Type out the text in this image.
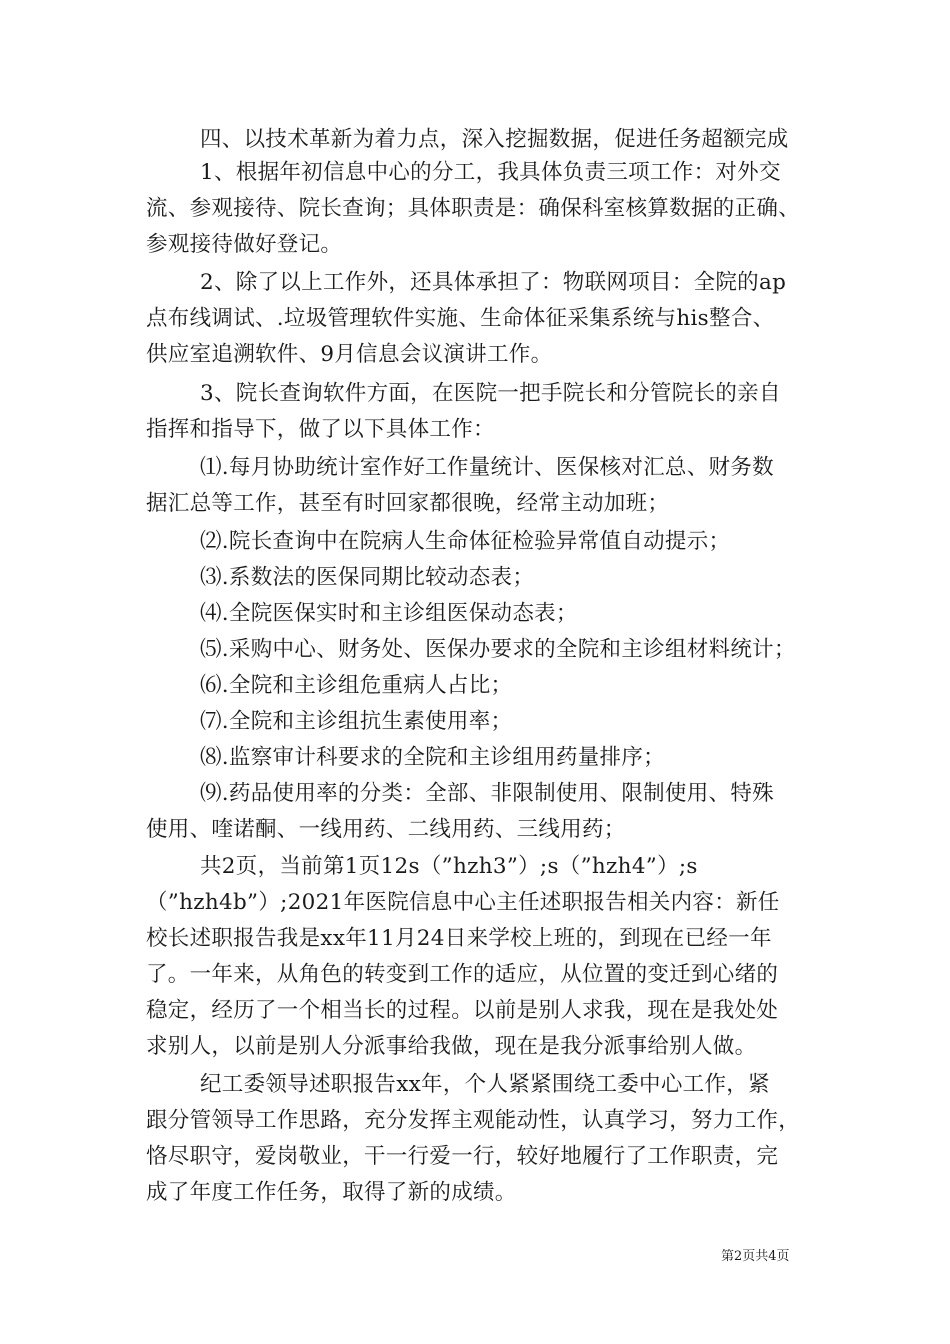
四、以技术革新为着力点，深入挖掘数据，促进任务超额完成
1、根据年初信息中心的分工，我具体负责三项工作：对外交
流、参观接待、院长查询；具体职责是：确保科室核算数据的正确、
参观接待做好登记。
2、除了以上工作外，还具体承担了：物联网项目：全院的ap
点布线调试、.垃圾管理软件实施、生命体征采集系统与his整合、
供应室追溯软件、9月信息会议演讲工作。
3、院长查询软件方面，在医院一把手院长和分管院长的亲自
指挥和指导下，做了以下具体工作：
⑴.每月协助统计室作好工作量统计、医保核对汇总、财务数
据汇总等工作，甚至有时回家都很晚，经常主动加班；
⑵.院长查询中在院病人生命体征检验异常值自动提示；
⑶.系数法的医保同期比较动态表；
⑷.全院医保实时和主诊组医保动态表；
⑸.采购中心、财务处、医保办要求的全院和主诊组材料统计；
⑹.全院和主诊组危重病人占比；
⑺.全院和主诊组抗生素使用率；
⑻.监察审计科要求的全院和主诊组用药量排序；
⑼.药品使用率的分类：全部、非限制使用、限制使用、特殊
使用、喹诺酮、一线用药、二线用药、三线用药；
共2页，当前第1页12s（”hzh3”）;s（”hzh4”）;s
（”hzh4b”）;2021年医院信息中心主任述职报告相关内容：新任
校长述职报告我是xx年11月24日来学校上班的，到现在已经一年
了。一年来，从角色的转变到工作的适应，从位置的变迁到心绪的
稳定，经历了一个相当长的过程。以前是别人求我，现在是我处处
求别人，以前是别人分派事给我做，现在是我分派事给别人做。
纪工委领导述职报告xx年，个人紧紧围绕工委中心工作，紧
跟分管领导工作思路，充分发挥主观能动性，认真学习，努力工作，
恪尽职守，爱岗敬业，干一行爱一行，较好地履行了工作职责，完
成了年度工作任务，取得了新的成绩。
第2页共4页
